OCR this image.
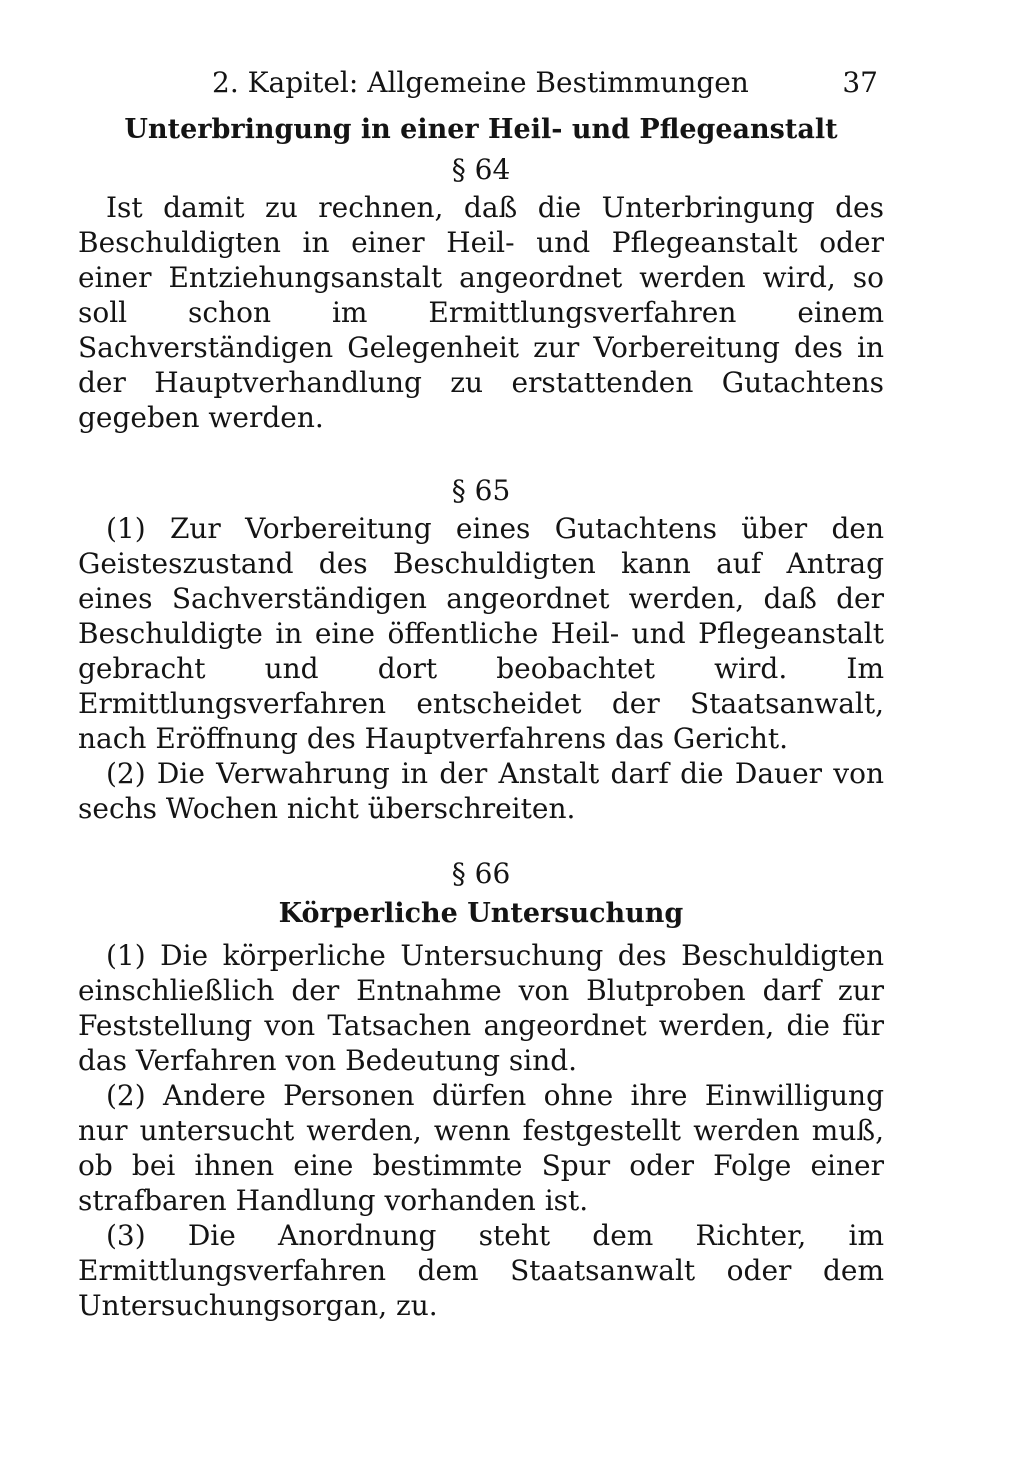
2. Kapitel: Allgemeine Bestimmungen	37
Unterbringung in einer Heil- und Pflegeanstalt

§ 64

Ist damit zu rechnen, daß die Unterbringung des Beschuldigten in einer Heil- und Pflegeanstalt oder einer Entziehungsanstalt angeordnet werden wird, so soll schon im Ermittlungsverfahren einem Sachverständigen Gelegenheit zur Vorbereitung des in der Hauptverhandlung zu erstattenden Gutachtens gegeben werden.

§ 65

(1) Zur Vorbereitung eines Gutachtens über den Geisteszustand des Beschuldigten kann auf Antrag eines Sachverständigen angeordnet werden, daß der Beschuldigte in eine öffentliche Heil- und Pflegeanstalt gebracht und dort beobachtet wird. Im Ermittlungsverfahren entscheidet der Staatsanwalt, nach Eröffnung des Hauptverfahrens das Gericht.

(2) Die Verwahrung in der Anstalt darf die Dauer von sechs Wochen nicht überschreiten.

§ 66

Körperliche Untersuchung

(1) Die körperliche Untersuchung des Beschuldigten einschließlich der Entnahme von Blutproben darf zur Feststellung von Tatsachen angeordnet werden, die für das Verfahren von Bedeutung sind.

(2) Andere Personen dürfen ohne ihre Einwilligung nur untersucht werden, wenn festgestellt werden muß, ob bei ihnen eine bestimmte Spur oder Folge einer strafbaren Handlung vorhanden ist.

(3) Die Anordnung steht dem Richter, im Ermittlungsverfahren dem Staatsanwalt oder dem Untersuchungsorgan, zu.
